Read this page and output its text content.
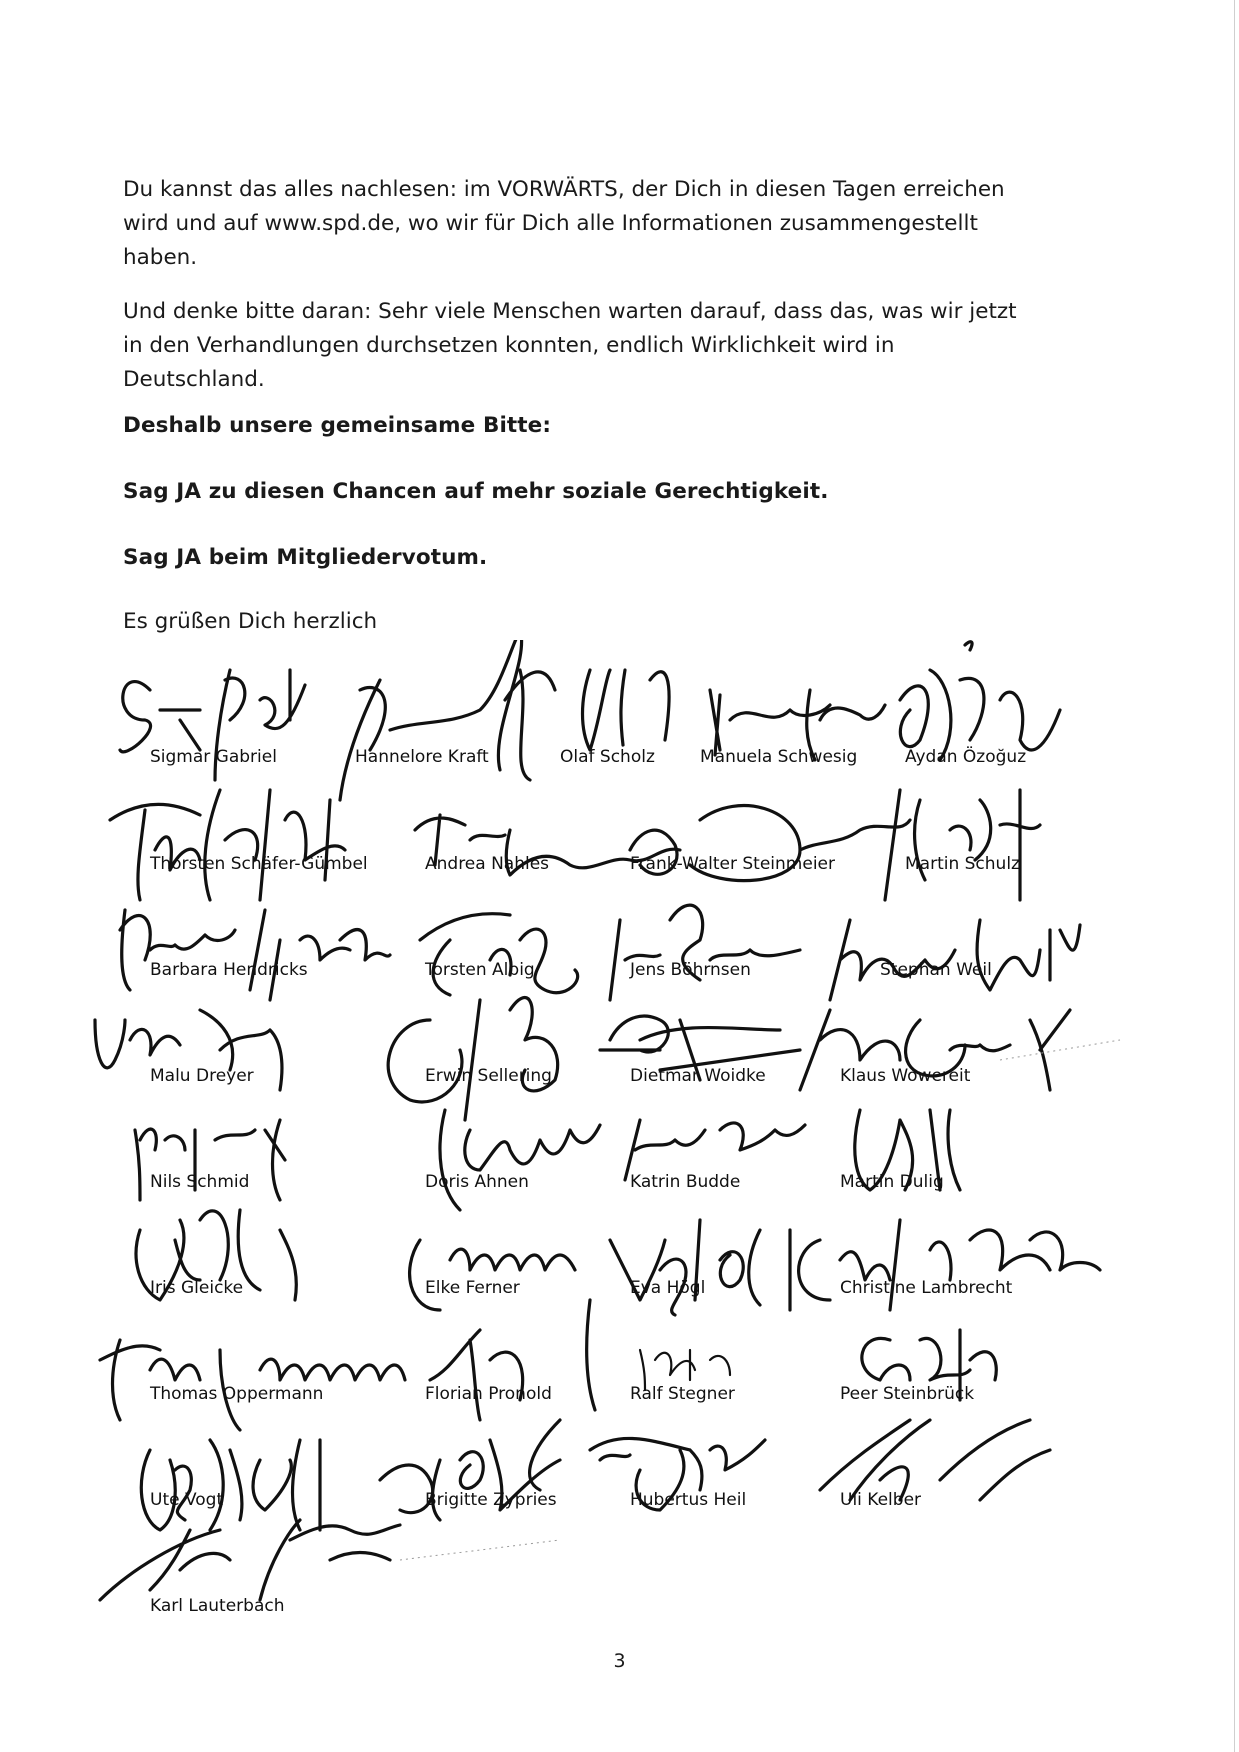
Du kannst das alles nachlesen: im VORWÄRTS, der Dich in diesen Tagen erreichen wird und auf www.spd.de, wo wir für Dich alle Informationen zusammengestellt haben.

Und denke bitte daran: Sehr viele Menschen warten darauf, dass das, was wir jetzt in den Verhandlungen durchsetzen konnten, endlich Wirklichkeit wird in Deutschland.

Deshalb unsere gemeinsame Bitte:

Sag JA zu diesen Chancen auf mehr soziale Gerechtigkeit.

Sag JA beim Mitgliedervotum.

Es grüßen Dich herzlich

Sigmar Gabriel	Hannelore Kraft	Olaf Scholz	Manuela Schwesig	Aydan Özoğuz
Thorsten Schäfer-Gümbel	Andrea Nahles	Frank-Walter Steinmeier	Martin Schulz
Barbara Hendricks	Torsten Albig	Jens Böhrnsen	Stephan Weil
Malu Dreyer	Erwin Sellering	Dietmar Woidke	Klaus Wowereit
Nils Schmid	Doris Ahnen	Katrin Budde	Martin Dulig
Iris Gleicke	Elke Ferner	Eva Högl	Christine Lambrecht
Thomas Oppermann	Florian Pronold	Ralf Stegner	Peer Steinbrück
Ute Vogt	Brigitte Zypries	Hubertus Heil	Uli Kelber
Karl Lauterbach
3
